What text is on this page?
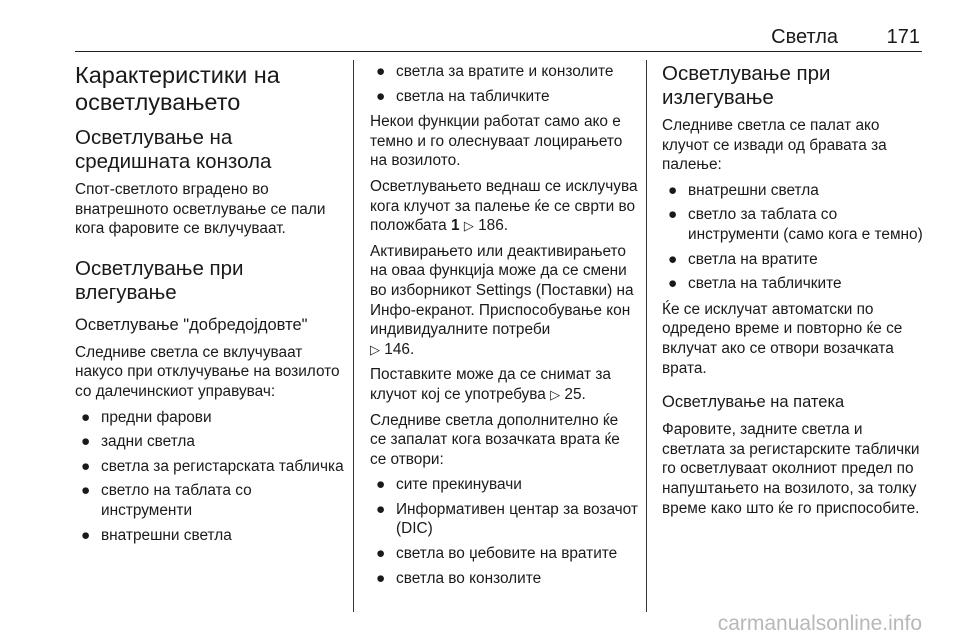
Светла 171
Карактеристики на
осветлувањето
Осветлување на
средишната конзола

Спот-светлото вградено во внатрешното осветлување се пали кога фаровите се вклучуваат.

Осветлување при
влегување
Осветлување "добредојдовте"

Следниве светла се вклучуваат накусо при отклучување на возилото со далечинскиот управувач:

● предни фарови
● задни светла
● светла за регистарската табличка
● светло на таблата со инструменти
● внатрешни светла
● светла за вратите и конзолите
● светла на табличките

Некои функции работат само ако е темно и го олеснуваат лоцирањето на возилото.

Осветлувањето веднаш се исклучува кога клучот за палење ќе се сврти во положбата 1 ▷ 186.

Активирањето или деактивирањето на оваа функција може да се смени во изборникот Settings (Поставки) на Инфо-екранот. Приспособување кон индивидуалните потреби
▷ 146.

Поставките може да се снимат за клучот кој се употребува ▷ 25.

Следниве светла дополнително ќе се запалат кога возачката врата ќе се отвори:

● сите прекинувачи
● Информативен центар за возачот (DIC)
● светла во џебовите на вратите
● светла во конзолите
Осветлување при
излегување

Следниве светла се палат ако клучот се извади од бравата за палење:

● внатрешни светла
● светло за таблата со инструменти (само кога е темно)
● светла на вратите
● светла на табличките

Ќе се исклучат автоматски по одредено време и повторно ќе се вклучат ако се отвори возачката врата.

Осветлување на патека

Фаровите, задните светла и светлата за регистарските таблички го осветлуваат околниот предел по напуштањето на возилото, за толку време како што ќе го приспособите.

carmanualsonline.info
